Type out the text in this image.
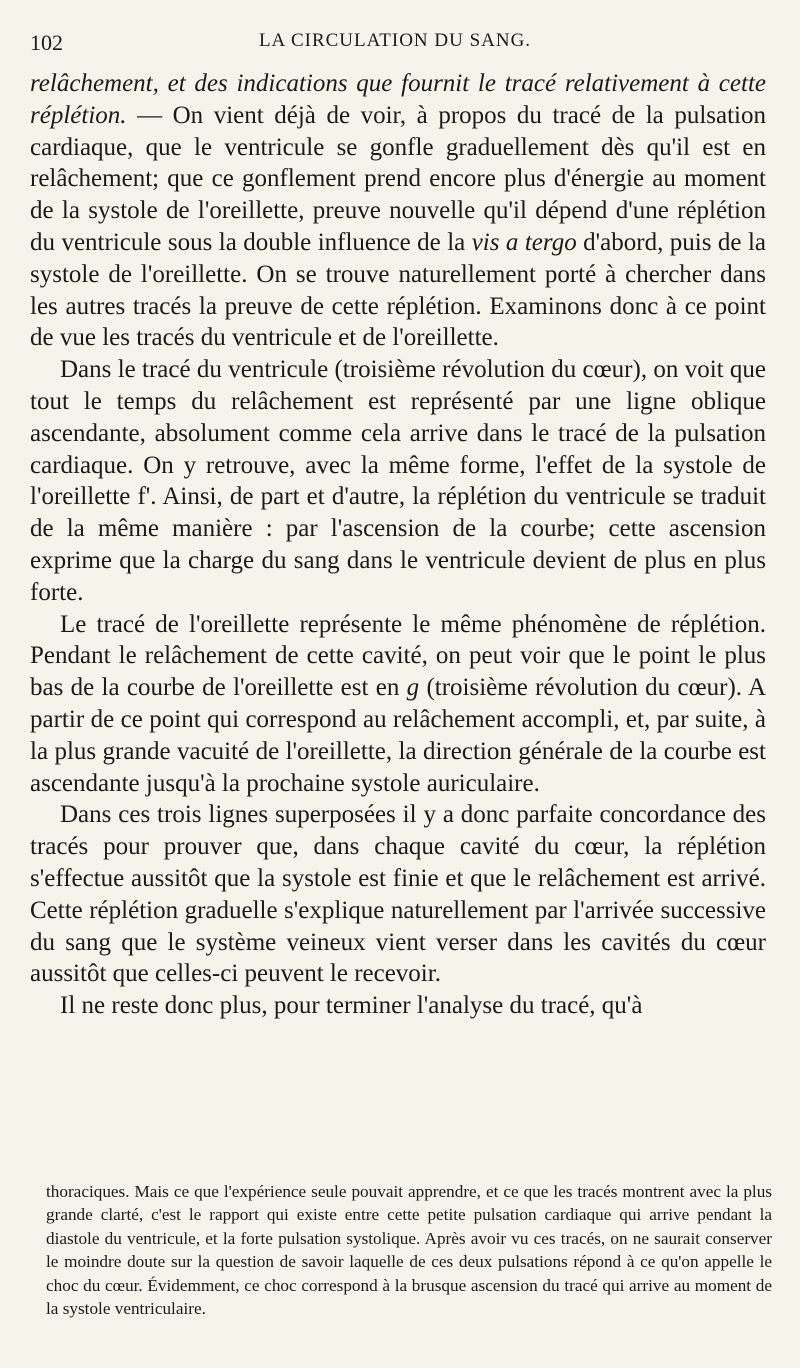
102	LA CIRCULATION DU SANG.

relâchement, et des indications que fournit le tracé relativement à cette réplétion. — On vient déjà de voir, à propos du tracé de la pulsation cardiaque, que le ventricule se gonfle graduellement dès qu'il est en relâchement; que ce gonflement prend encore plus d'énergie au moment de la systole de l'oreillette, preuve nouvelle qu'il dépend d'une réplétion du ventricule sous la double influence de la vis a tergo d'abord, puis de la systole de l'oreillette. On se trouve naturellement porté à chercher dans les autres tracés la preuve de cette réplétion. Examinons donc à ce point de vue les tracés du ventricule et de l'oreillette.

Dans le tracé du ventricule (troisième révolution du cœur), on voit que tout le temps du relâchement est représenté par une ligne oblique ascendante, absolument comme cela arrive dans le tracé de la pulsation cardiaque. On y retrouve, avec la même forme, l'effet de la systole de l'oreillette f'. Ainsi, de part et d'autre, la réplétion du ventricule se traduit de la même manière : par l'ascension de la courbe; cette ascension exprime que la charge du sang dans le ventricule devient de plus en plus forte.

Le tracé de l'oreillette représente le même phénomène de réplétion. Pendant le relâchement de cette cavité, on peut voir que le point le plus bas de la courbe de l'oreillette est en g (troisième révolution du cœur). A partir de ce point qui correspond au relâchement accompli, et, par suite, à la plus grande vacuité de l'oreillette, la direction générale de la courbe est ascendante jusqu'à la prochaine systole auriculaire.

Dans ces trois lignes superposées il y a donc parfaite concordance des tracés pour prouver que, dans chaque cavité du cœur, la réplétion s'effectue aussitôt que la systole est finie et que le relâchement est arrivé. Cette réplétion graduelle s'explique naturellement par l'arrivée successive du sang que le système veineux vient verser dans les cavités du cœur aussitôt que celles-ci peuvent le recevoir.

Il ne reste donc plus, pour terminer l'analyse du tracé, qu'à

thoraciques. Mais ce que l'expérience seule pouvait apprendre, et ce que les tracés montrent avec la plus grande clarté, c'est le rapport qui existe entre cette petite pulsation cardiaque qui arrive pendant la diastole du ventricule, et la forte pulsation systolique. Après avoir vu ces tracés, on ne saurait conserver le moindre doute sur la question de savoir laquelle de ces deux pulsations répond à ce qu'on appelle le choc du cœur. Évidemment, ce choc correspond à la brusque ascension du tracé qui arrive au moment de la systole ventriculaire.
